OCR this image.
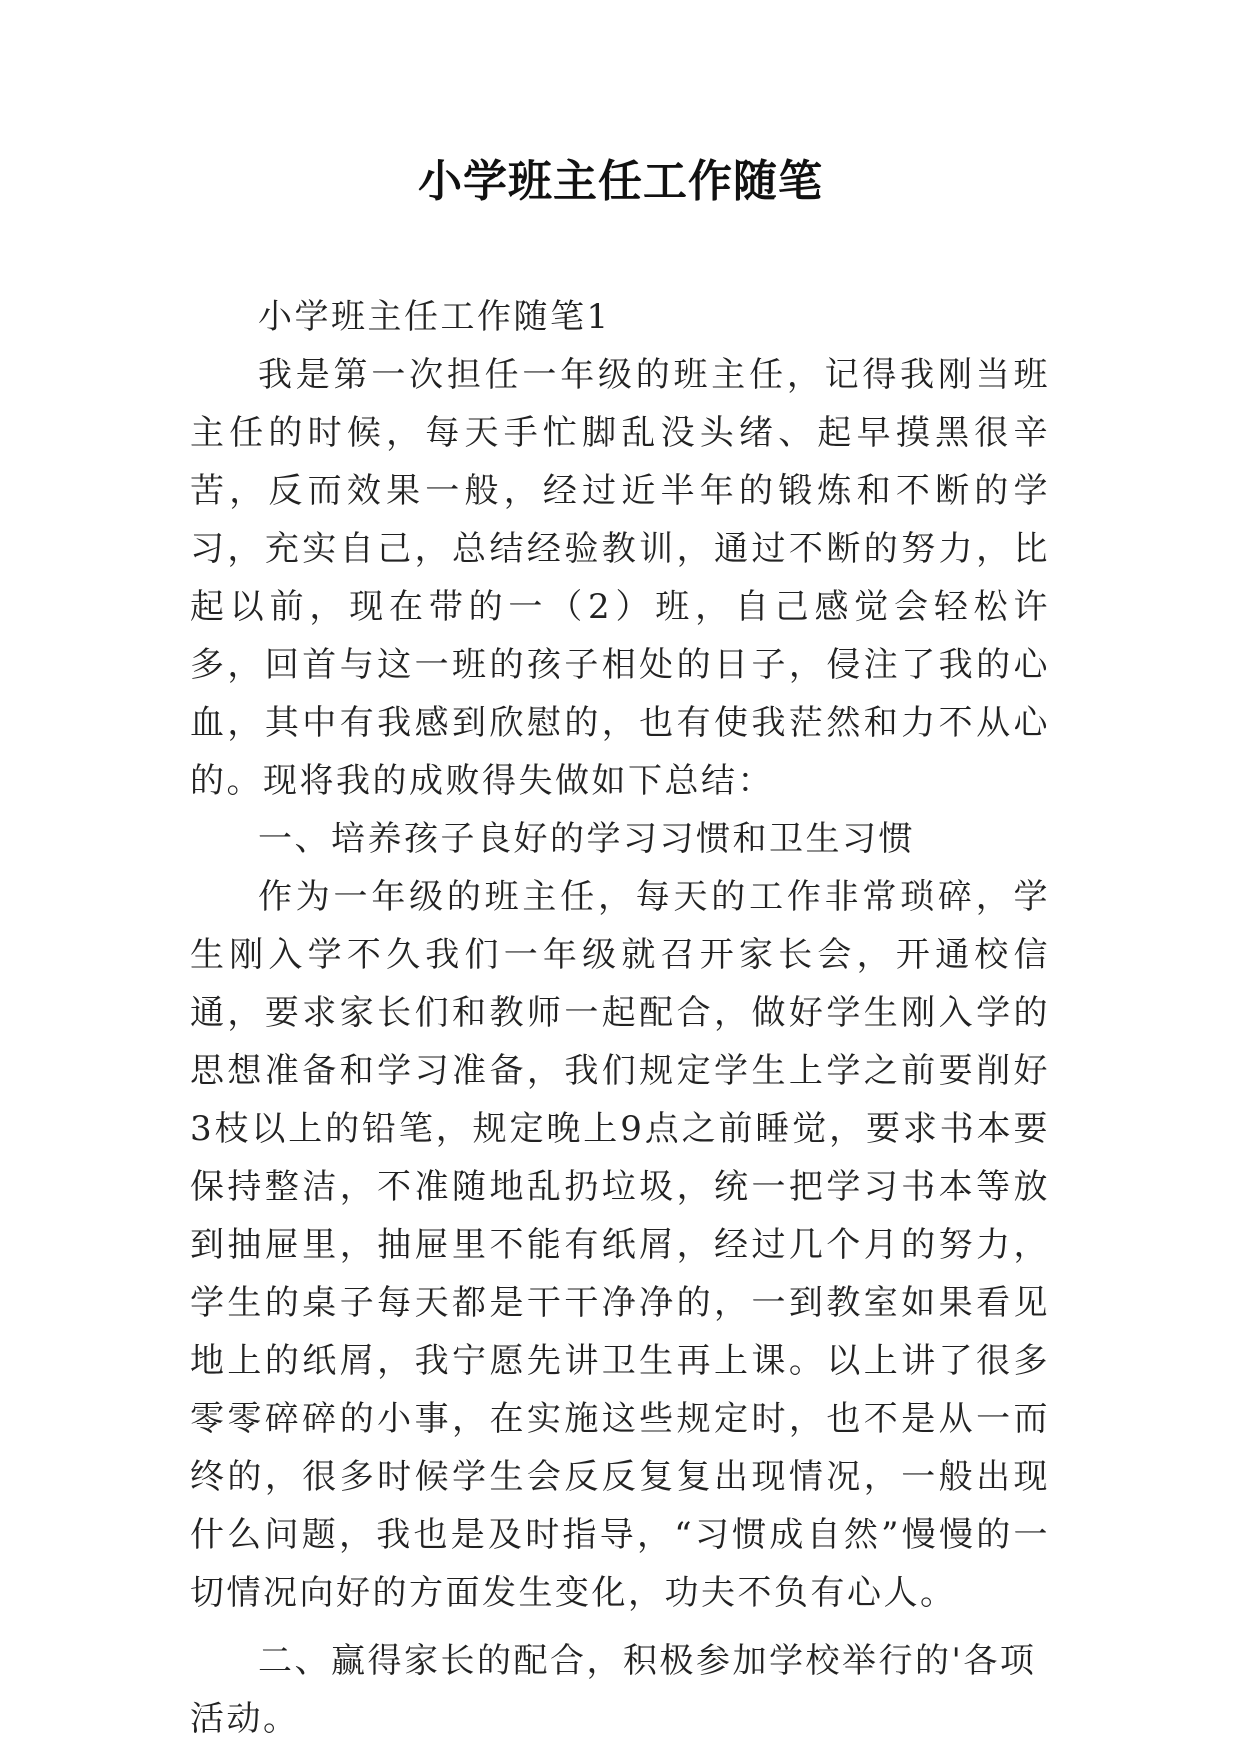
小学班主任工作随笔

小学班主任工作随笔1

我是第一次担任一年级的班主任，记得我刚当班主任的时候，每天手忙脚乱没头绪、起早摸黑很辛苦，反而效果一般，经过近半年的锻炼和不断的学习，充实自己，总结经验教训，通过不断的努力，比起以前，现在带的一（2）班，自己感觉会轻松许多，回首与这一班的孩子相处的日子，侵注了我的心血，其中有我感到欣慰的，也有使我茫然和力不从心的。现将我的成败得失做如下总结：

一、培养孩子良好的学习习惯和卫生习惯

作为一年级的班主任，每天的工作非常琐碎，学生刚入学不久我们一年级就召开家长会，开通校信通，要求家长们和教师一起配合，做好学生刚入学的思想准备和学习准备，我们规定学生上学之前要削好3枝以上的铅笔，规定晚上9点之前睡觉，要求书本要保持整洁，不准随地乱扔垃圾，统一把学习书本等放到抽屉里，抽屉里不能有纸屑，经过几个月的努力，学生的桌子每天都是干干净净的，一到教室如果看见地上的纸屑，我宁愿先讲卫生再上课。以上讲了很多零零碎碎的小事，在实施这些规定时，也不是从一而终的，很多时候学生会反反复复出现情况，一般出现什么问题，我也是及时指导，“习惯成自然”慢慢的一切情况向好的方面发生变化，功夫不负有心人。

二、赢得家长的配合，积极参加学校举行的'各项活动。
